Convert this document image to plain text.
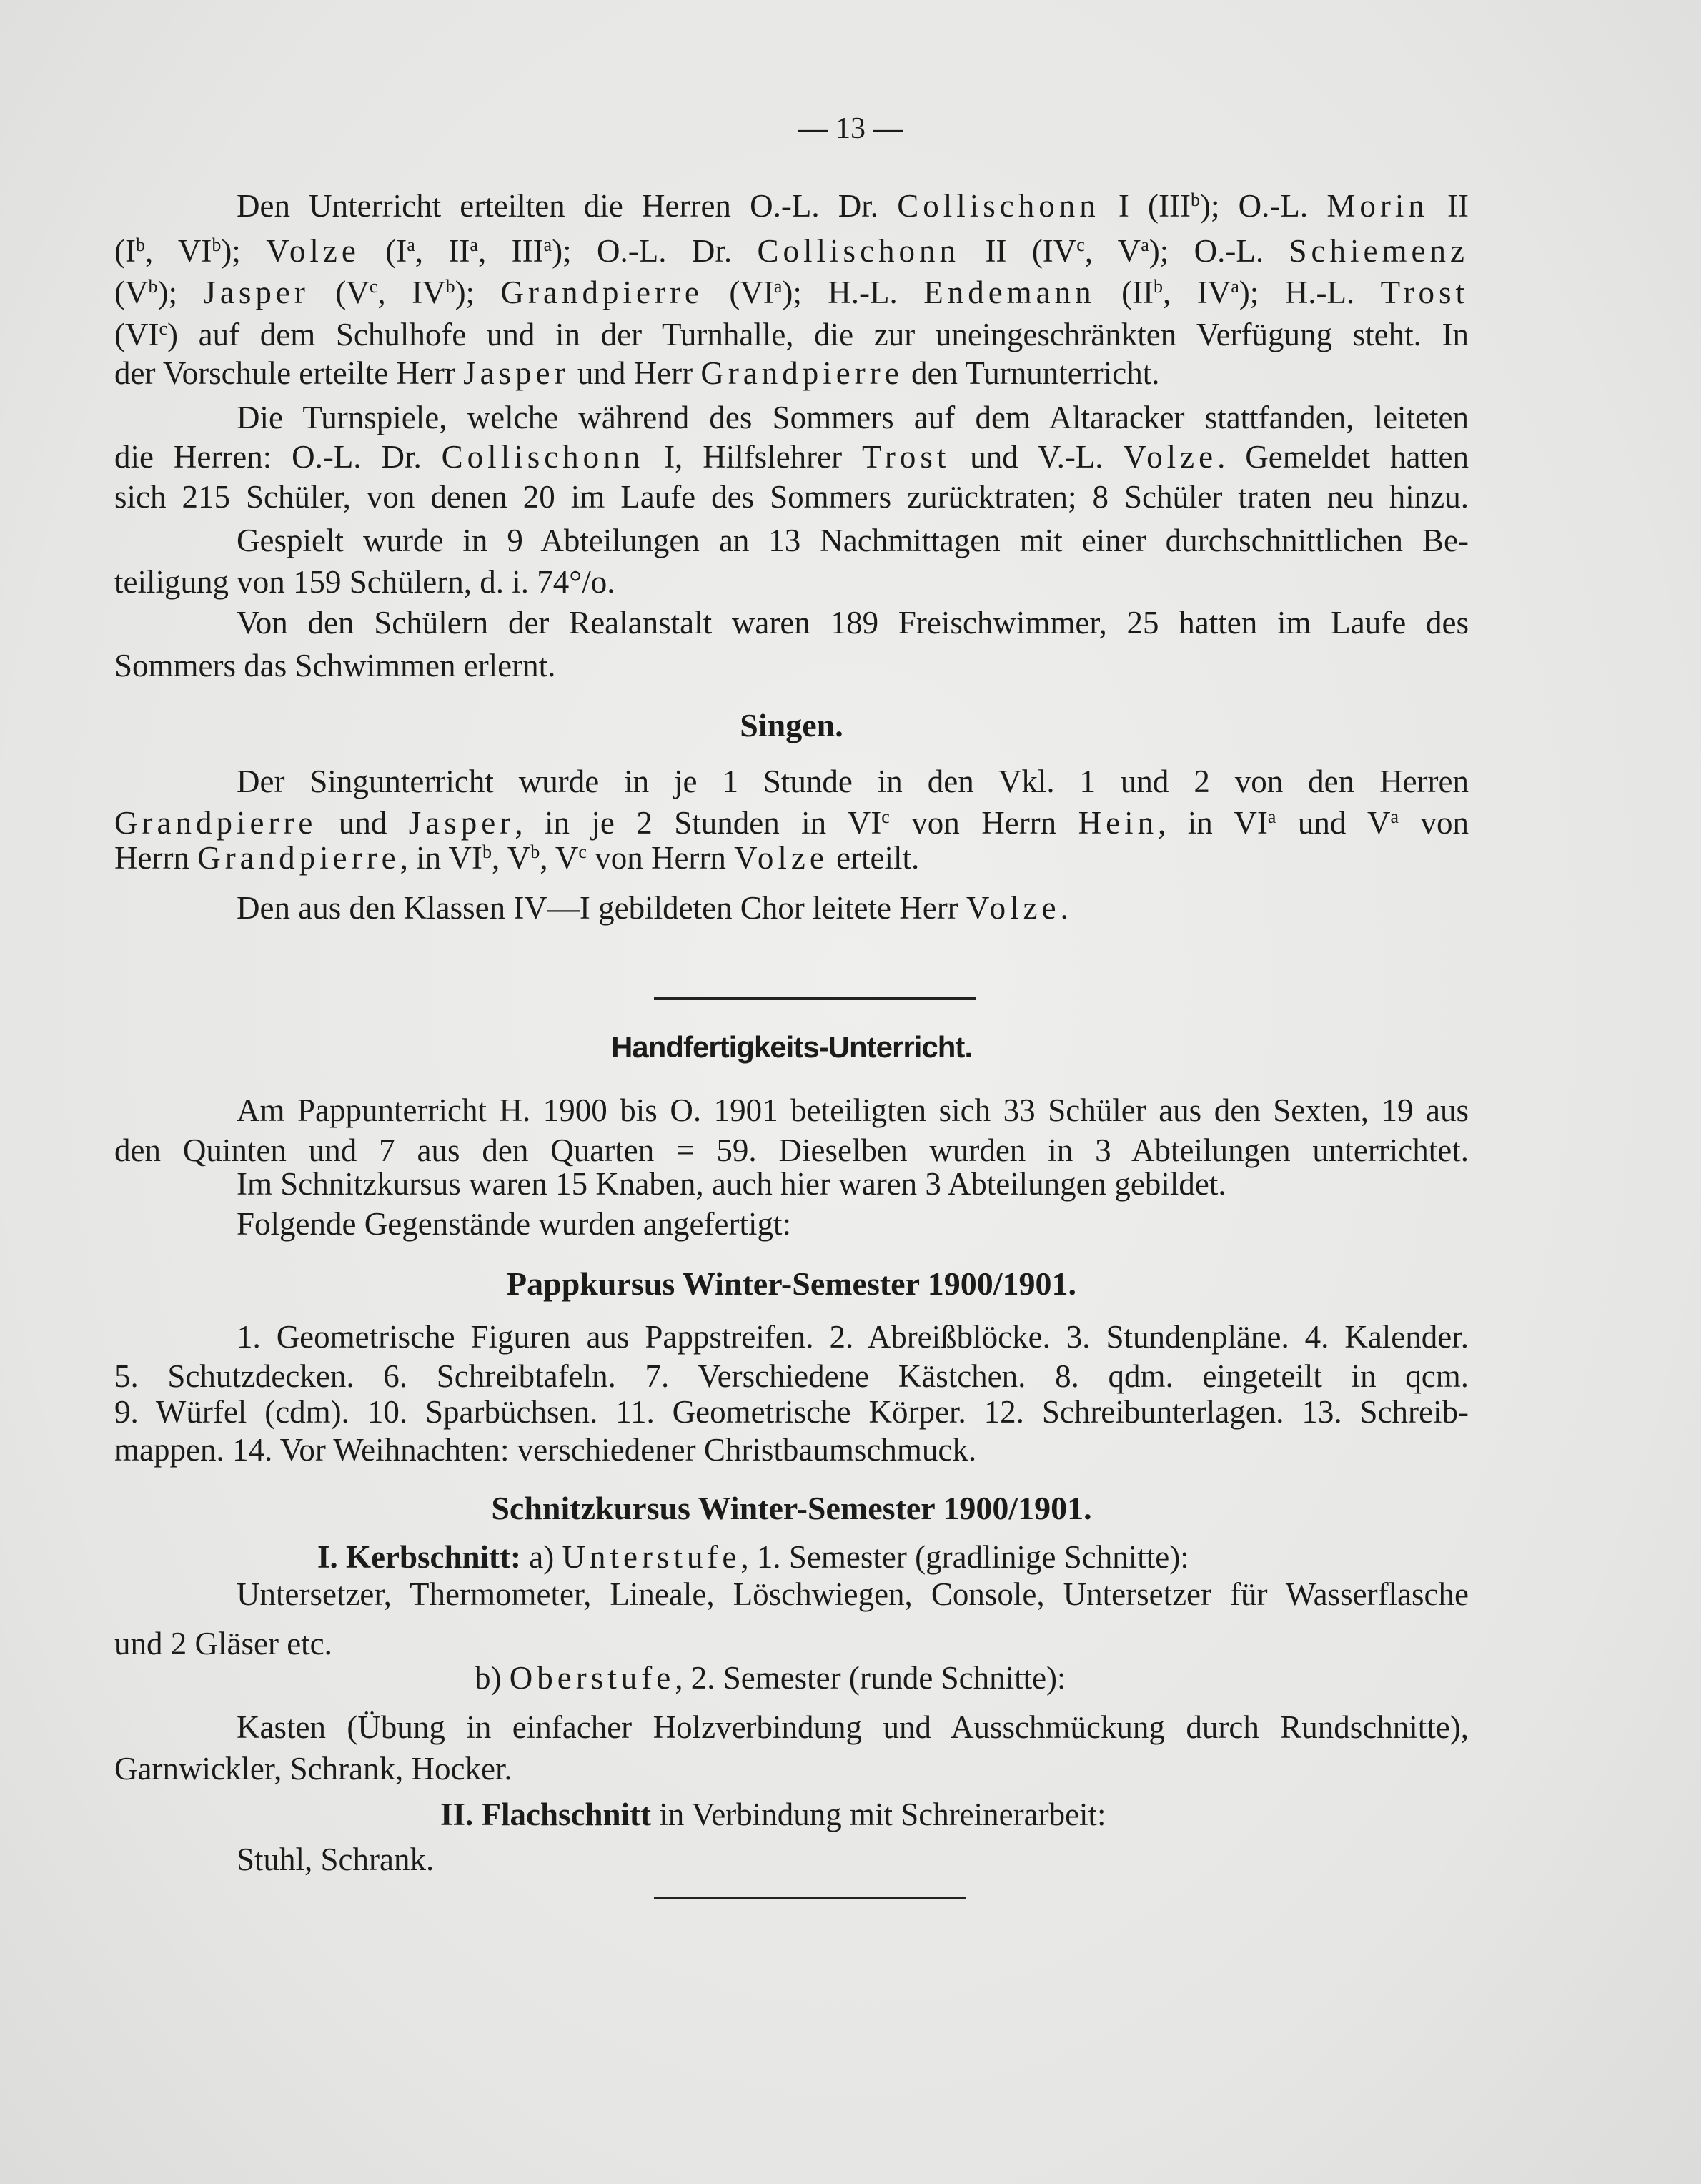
— 13 —
Den Unterricht erteilten die Herren O.-L. Dr. Collischonn I (III$^b$); O.-L. Morin II
($I^b$, $VI^b$); Volze ($I^a$, $II^a$, III$^a$); O.-L. Dr. Collischonn II ($IV^c$, $V^a$); O.-L. Schiemenz
$(V^b)$; Jasper ($V^c$, $IV^b$); Grandpierre $(VI^a)$; H.-L. Endemann ($II^b$, $IV^a$); H.-L. Trost
$(VI^c)$ auf dem Schulhofe und in der Turnhalle, die zur uneingeschränkten Verfügung steht. In
der Vorschule erteilte Herr Jasper und Herr Grandpierre den Turnunterricht.
Die Turnspiele, welche während des Sommers auf dem Altaracker stattfanden, leiteten
die Herren: O.-L. Dr. Collischonn I, Hilfslehrer Trost und V.-L. Volze. Gemeldet hatten
sich 215 Schüler, von denen 20 im Laufe des Sommers zurücktraten; 8 Schüler traten neu hinzu.
Gespielt wurde in 9 Abteilungen an 13 Nachmittagen mit einer durchschnittlichen Be-
teiligung von 159 Schülern, d. i. 74°/o.
Von den Schülern der Realanstalt waren 189 Freischwimmer, 25 hatten im Laufe des
Sommers das Schwimmen erlernt.
Singen.
Der Singunterricht wurde in je 1 Stunde in den Vkl. 1 und 2 von den Herren
Grandpierre und Jasper, in je 2 Stunden in $VI^c$ von Herrn Hein, in $VI^a$ und $V^a$ von
Herrn Grandpierre, in $VI^b$, $V^b$, $V^c$ von Herrn Volze erteilt.
Den aus den Klassen IV—I gebildeten Chor leitete Herr Volze.
Handfertigkeits-Unterricht.
Am Pappunterricht H. 1900 bis O. 1901 beteiligten sich 33 Schüler aus den Sexten, 19 aus
den Quinten und 7 aus den Quarten = 59. Dieselben wurden in 3 Abteilungen unterrichtet.
Im Schnitzkursus waren 15 Knaben, auch hier waren 3 Abteilungen gebildet.
Folgende Gegenstände wurden angefertigt:
Pappkursus Winter-Semester 1900/1901.
1. Geometrische Figuren aus Pappstreifen. 2. Abreißblöcke. 3. Stundenpläne. 4. Kalender.
5. Schutzdecken. 6. Schreibtafeln. 7. Verschiedene Kästchen. 8. qdm. eingeteilt in qcm.
9. Würfel (cdm). 10. Sparbüchsen. 11. Geometrische Körper. 12. Schreibunterlagen. 13. Schreib-
mappen. 14. Vor Weihnachten: verschiedener Christbaumschmuck.
Schnitzkursus Winter-Semester 1900/1901.
I. Kerbschnitt: a) Unterstufe, 1. Semester (gradlinige Schnitte):
Untersetzer, Thermometer, Lineale, Löschwiegen, Console, Untersetzer für Wasserflasche
und 2 Gläser etc.
b) Oberstufe, 2. Semester (runde Schnitte):
Kasten (Übung in einfacher Holzverbindung und Ausschmückung durch Rundschnitte),
Garnwickler, Schrank, Hocker.
II. Flachschnitt in Verbindung mit Schreinerarbeit:
Stuhl, Schrank.
